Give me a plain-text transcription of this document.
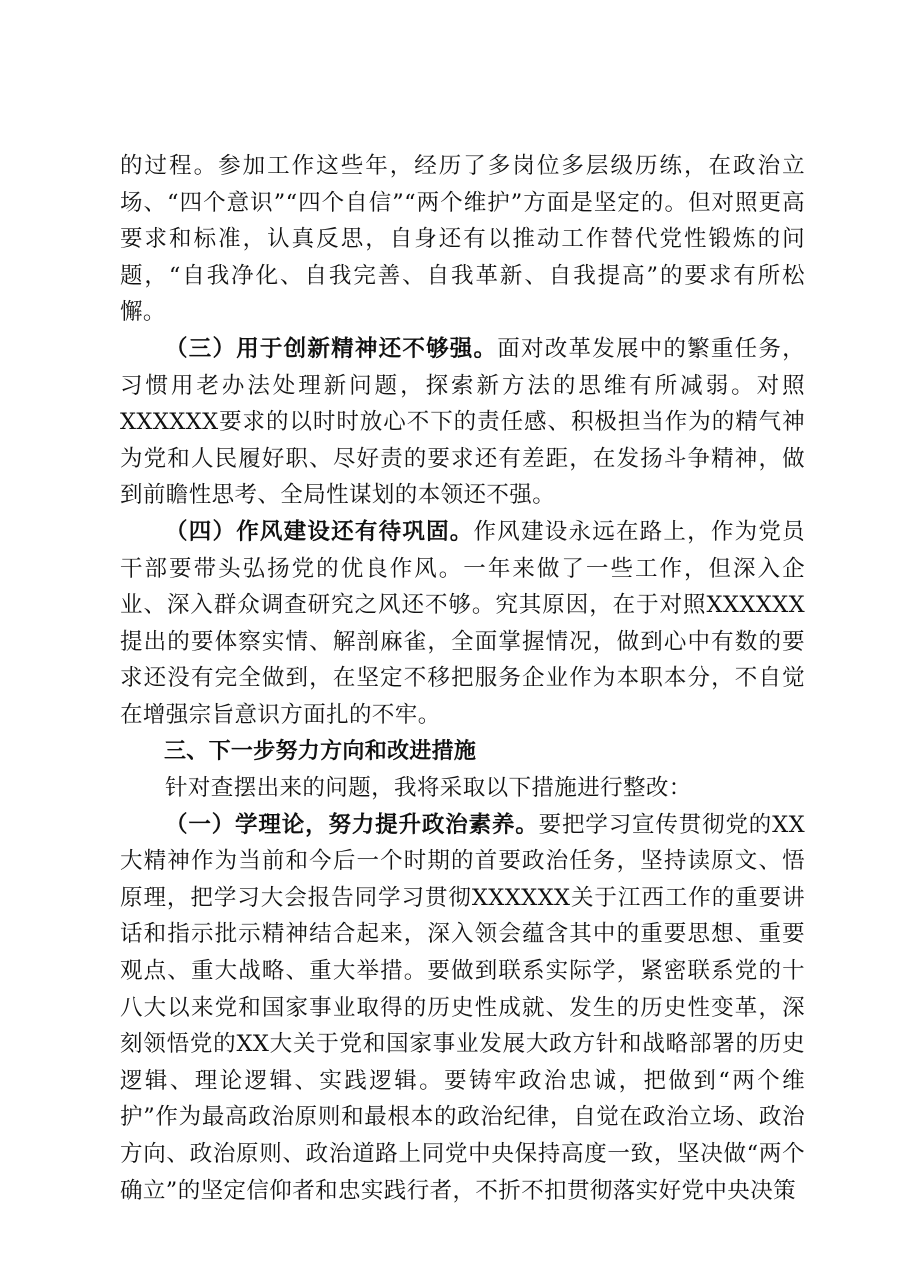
的过程。参加工作这些年，经历了多岗位多层级历练，在政治立场、“四个意识”“四个自信”“两个维护”方面是坚定的。但对照更高要求和标准，认真反思，自身还有以推动工作替代党性锻炼的问题，“自我净化、自我完善、自我革新、自我提高”的要求有所松懈。

（三）用于创新精神还不够强。面对改革发展中的繁重任务，习惯用老办法处理新问题，探索新方法的思维有所减弱。对照XXXXXX要求的以时时放心不下的责任感、积极担当作为的精气神为党和人民履好职、尽好责的要求还有差距，在发扬斗争精神，做到前瞻性思考、全局性谋划的本领还不强。

（四）作风建设还有待巩固。作风建设永远在路上，作为党员干部要带头弘扬党的优良作风。一年来做了一些工作，但深入企业、深入群众调查研究之风还不够。究其原因，在于对照XXXXXX提出的要体察实情、解剖麻雀，全面掌握情况，做到心中有数的要求还没有完全做到，在坚定不移把服务企业作为本职本分，不自觉在增强宗旨意识方面扎的不牢。

三、下一步努力方向和改进措施

针对查摆出来的问题，我将采取以下措施进行整改：

（一）学理论，努力提升政治素养。要把学习宣传贯彻党的XX大精神作为当前和今后一个时期的首要政治任务，坚持读原文、悟原理，把学习大会报告同学习贯彻XXXXXX关于江西工作的重要讲话和指示批示精神结合起来，深入领会蕴含其中的重要思想、重要观点、重大战略、重大举措。要做到联系实际学，紧密联系党的十八大以来党和国家事业取得的历史性成就、发生的历史性变革，深刻领悟党的XX大关于党和国家事业发展大政方针和战略部署的历史逻辑、理论逻辑、实践逻辑。要铸牢政治忠诚，把做到“两个维护”作为最高政治原则和最根本的政治纪律，自觉在政治立场、政治方向、政治原则、政治道路上同党中央保持高度一致，坚决做“两个确立”的坚定信仰者和忠实践行者，不折不扣贯彻落实好党中央决策
